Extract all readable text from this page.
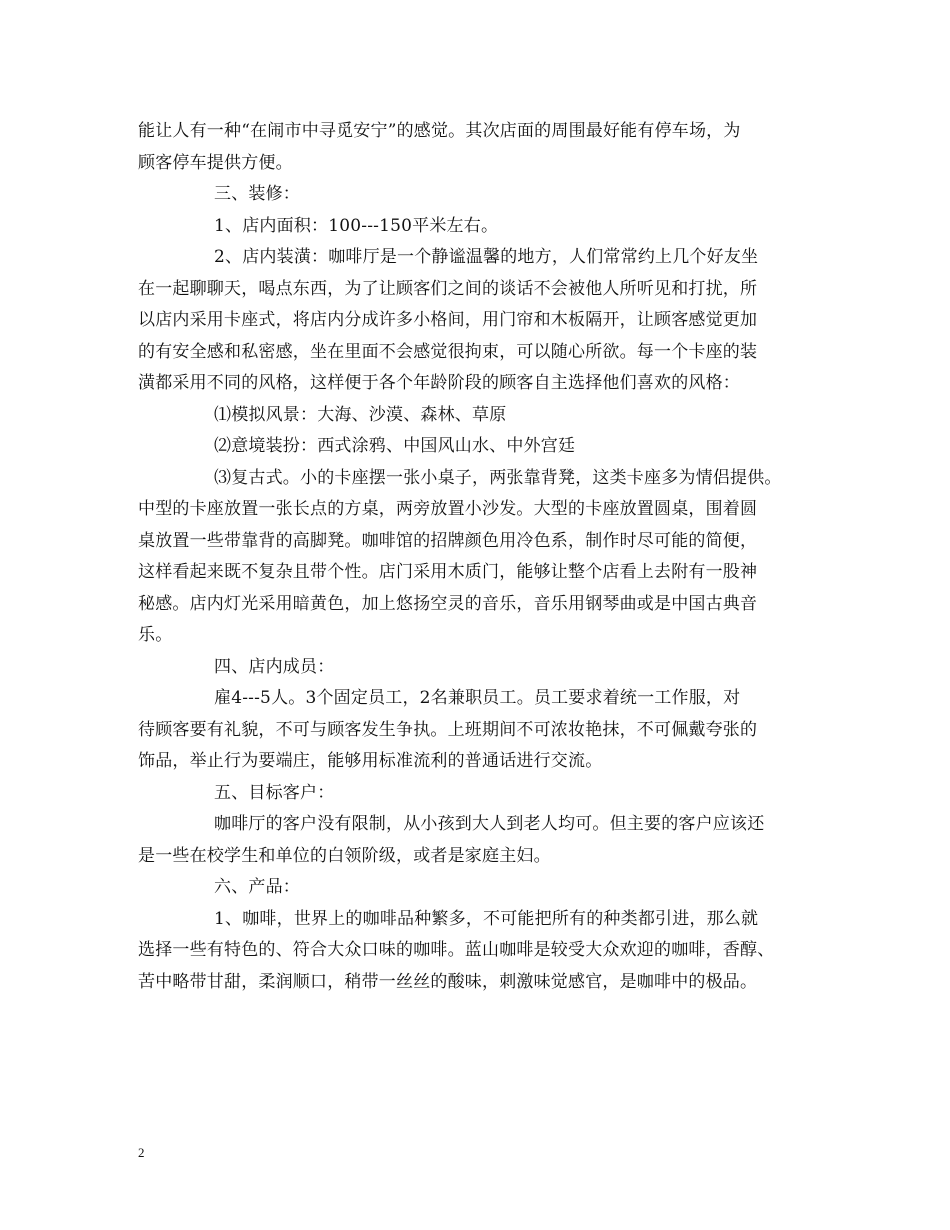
能让人有一种“在闹市中寻觅安宁”的感觉。其次店面的周围最好能有停车场，为
顾客停车提供方便。
三、装修：
1、店内面积：100---150平米左右。
2、店内装潢：咖啡厅是一个静谧温馨的地方，人们常常约上几个好友坐
在一起聊聊天，喝点东西，为了让顾客们之间的谈话不会被他人所听见和打扰，所
以店内采用卡座式，将店内分成许多小格间，用门帘和木板隔开，让顾客感觉更加
的有安全感和私密感，坐在里面不会感觉很拘束，可以随心所欲。每一个卡座的装
潢都采用不同的风格，这样便于各个年龄阶段的顾客自主选择他们喜欢的风格：
⑴模拟风景：大海、沙漠、森林、草原
⑵意境装扮：西式涂鸦、中国风山水、中外宫廷
⑶复古式。小的卡座摆一张小桌子，两张靠背凳，这类卡座多为情侣提供。
中型的卡座放置一张长点的方桌，两旁放置小沙发。大型的卡座放置圆桌，围着圆
桌放置一些带靠背的高脚凳。咖啡馆的招牌颜色用冷色系，制作时尽可能的简便，
这样看起来既不复杂且带个性。店门采用木质门，能够让整个店看上去附有一股神
秘感。店内灯光采用暗黄色，加上悠扬空灵的音乐，音乐用钢琴曲或是中国古典音
乐。
四、店内成员：
雇4---5人。3个固定员工，2名兼职员工。员工要求着统一工作服，对
待顾客要有礼貌，不可与顾客发生争执。上班期间不可浓妆艳抹，不可佩戴夸张的
饰品，举止行为要端庄，能够用标准流利的普通话进行交流。
五、目标客户：
咖啡厅的客户没有限制，从小孩到大人到老人均可。但主要的客户应该还
是一些在校学生和单位的白领阶级，或者是家庭主妇。
六、产品：
1、咖啡，世界上的咖啡品种繁多，不可能把所有的种类都引进，那么就
选择一些有特色的、符合大众口味的咖啡。蓝山咖啡是较受大众欢迎的咖啡，香醇、
苦中略带甘甜，柔润顺口，稍带一丝丝的酸味，刺激味觉感官，是咖啡中的极品。
2
